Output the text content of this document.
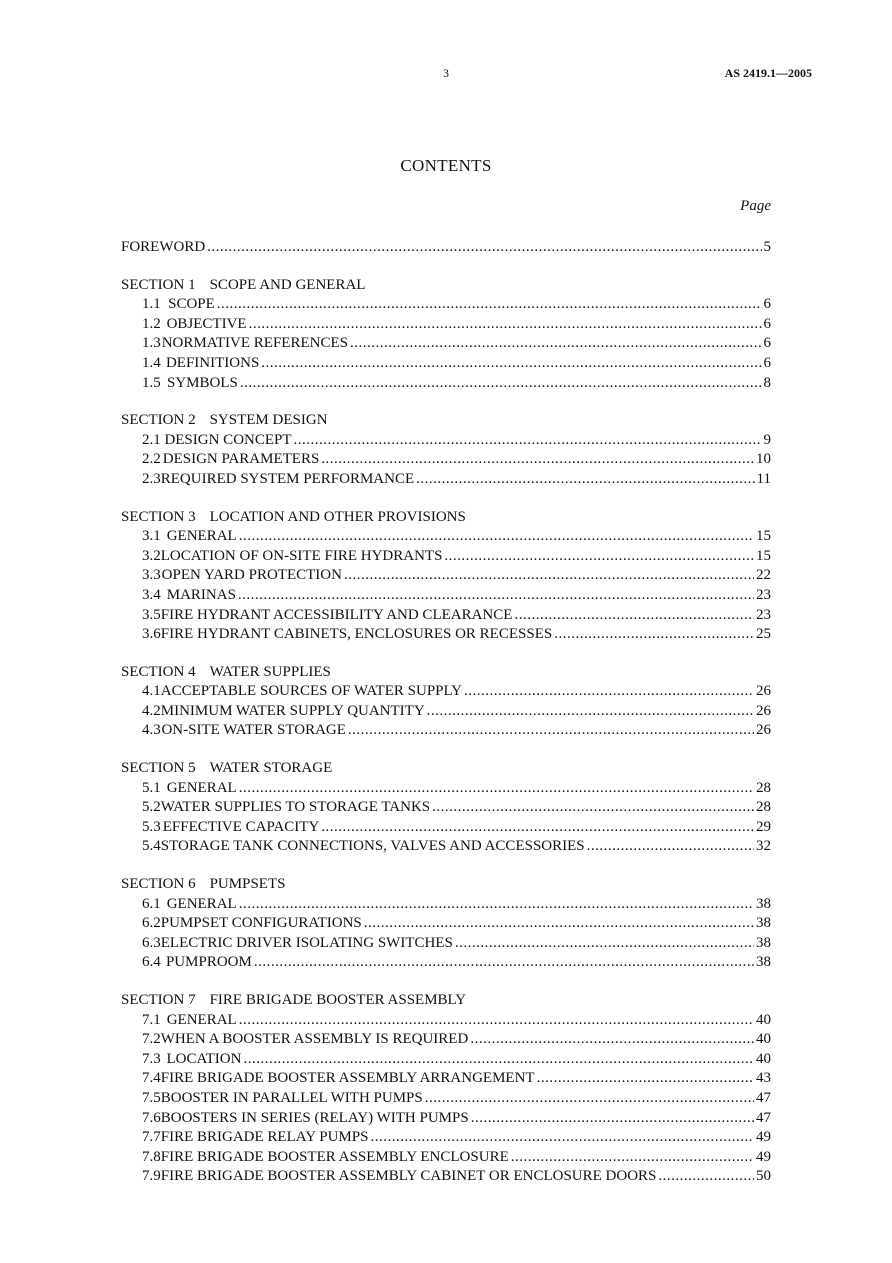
3	AS 2419.1—2005
CONTENTS
Page
FOREWORD .....	5
SECTION 1 SCOPE AND GENERAL
1.1 SCOPE .....	6
1.2 OBJECTIVE .....	6
1.3 NORMATIVE REFERENCES .....	6
1.4 DEFINITIONS .....	6
1.5 SYMBOLS .....	8
SECTION 2 SYSTEM DESIGN
2.1 DESIGN CONCEPT .....	9
2.2 DESIGN PARAMETERS .....	10
2.3 REQUIRED SYSTEM PERFORMANCE .....	11
SECTION 3 LOCATION AND OTHER PROVISIONS
3.1 GENERAL .....	15
3.2 LOCATION OF ON-SITE FIRE HYDRANTS .....	15
3.3 OPEN YARD PROTECTION .....	22
3.4 MARINAS .....	23
3.5 FIRE HYDRANT ACCESSIBILITY AND CLEARANCE .....	23
3.6 FIRE HYDRANT CABINETS, ENCLOSURES OR RECESSES .....	25
SECTION 4 WATER SUPPLIES
4.1 ACCEPTABLE SOURCES OF WATER SUPPLY .....	26
4.2 MINIMUM WATER SUPPLY QUANTITY .....	26
4.3 ON-SITE WATER STORAGE .....	26
SECTION 5 WATER STORAGE
5.1 GENERAL .....	28
5.2 WATER SUPPLIES TO STORAGE TANKS .....	28
5.3 EFFECTIVE CAPACITY .....	29
5.4 STORAGE TANK CONNECTIONS, VALVES AND ACCESSORIES .....	32
SECTION 6 PUMPSETS
6.1 GENERAL .....	38
6.2 PUMPSET CONFIGURATIONS .....	38
6.3 ELECTRIC DRIVER ISOLATING SWITCHES .....	38
6.4 PUMPROOM .....	38
SECTION 7 FIRE BRIGADE BOOSTER ASSEMBLY
7.1 GENERAL .....	40
7.2 WHEN A BOOSTER ASSEMBLY IS REQUIRED .....	40
7.3 LOCATION .....	40
7.4 FIRE BRIGADE BOOSTER ASSEMBLY ARRANGEMENT .....	43
7.5 BOOSTER IN PARALLEL WITH PUMPS .....	47
7.6 BOOSTERS IN SERIES (RELAY) WITH PUMPS .....	47
7.7 FIRE BRIGADE RELAY PUMPS .....	49
7.8 FIRE BRIGADE BOOSTER ASSEMBLY ENCLOSURE .....	49
7.9 FIRE BRIGADE BOOSTER ASSEMBLY CABINET OR ENCLOSURE DOORS .....	50
